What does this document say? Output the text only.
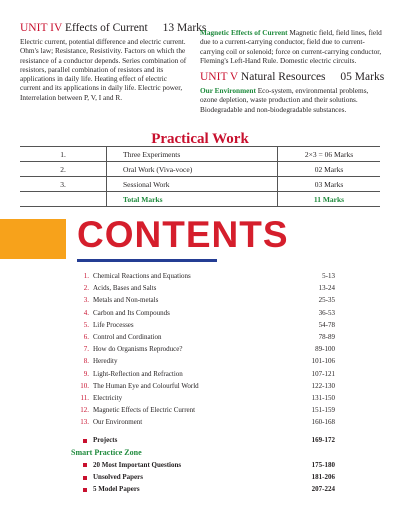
UNIT IV Effects of Current 13 Marks

Electric current, potential difference and electric current. Ohm's law; Resistance, Resistivity. Factors on which the resistance of a conductor depends. Series combination of resistors, parallel combination of resistors and its applications in daily life. Heating effect of electric current and its applications in daily life. Electric power, Interrelation between P, V, I and R.

Magnetic Effects of Current Magnetic field, field lines, field due to a current-carrying conductor, field due to current-carrying coil or solenoid; force on current-carrying conductor, Fleming's Left-Hand Rule. Domestic electric circuits.

UNIT V Natural Resources 05 Marks

Our Environment Eco-system, environmental problems, ozone depletion, waste production and their solutions. Biodegradable and non-biodegradable substances.

Practical Work
1.	Three Experiments	2×3 = 06 Marks
2.	Oral Work (Viva-voce)	02 Marks
3.	Sessional Work	03 Marks
	Total Marks	11 Marks
CONTENTS
1. Chemical Reactions and Equations	5-13
2. Acids, Bases and Salts	13-24
3. Metals and Non-metals	25-35
4. Carbon and Its Compounds	36-53
5. Life Processes	54-78
6. Control and Cordination	78-89
7. How do Organisms Reproduce?	89-100
8. Heredity	101-106
9. Light-Reflection and Refraction	107-121
10. The Human Eye and Colourful World	122-130
11. Electricity	131-150
12. Magnetic Effects of Electric Current	151-159
13. Our Environment	160-168
Projects	169-172
Smart Practice Zone
20 Most Important Questions	175-180
Unsolved Papers	181-206
5 Model Papers	207-224
